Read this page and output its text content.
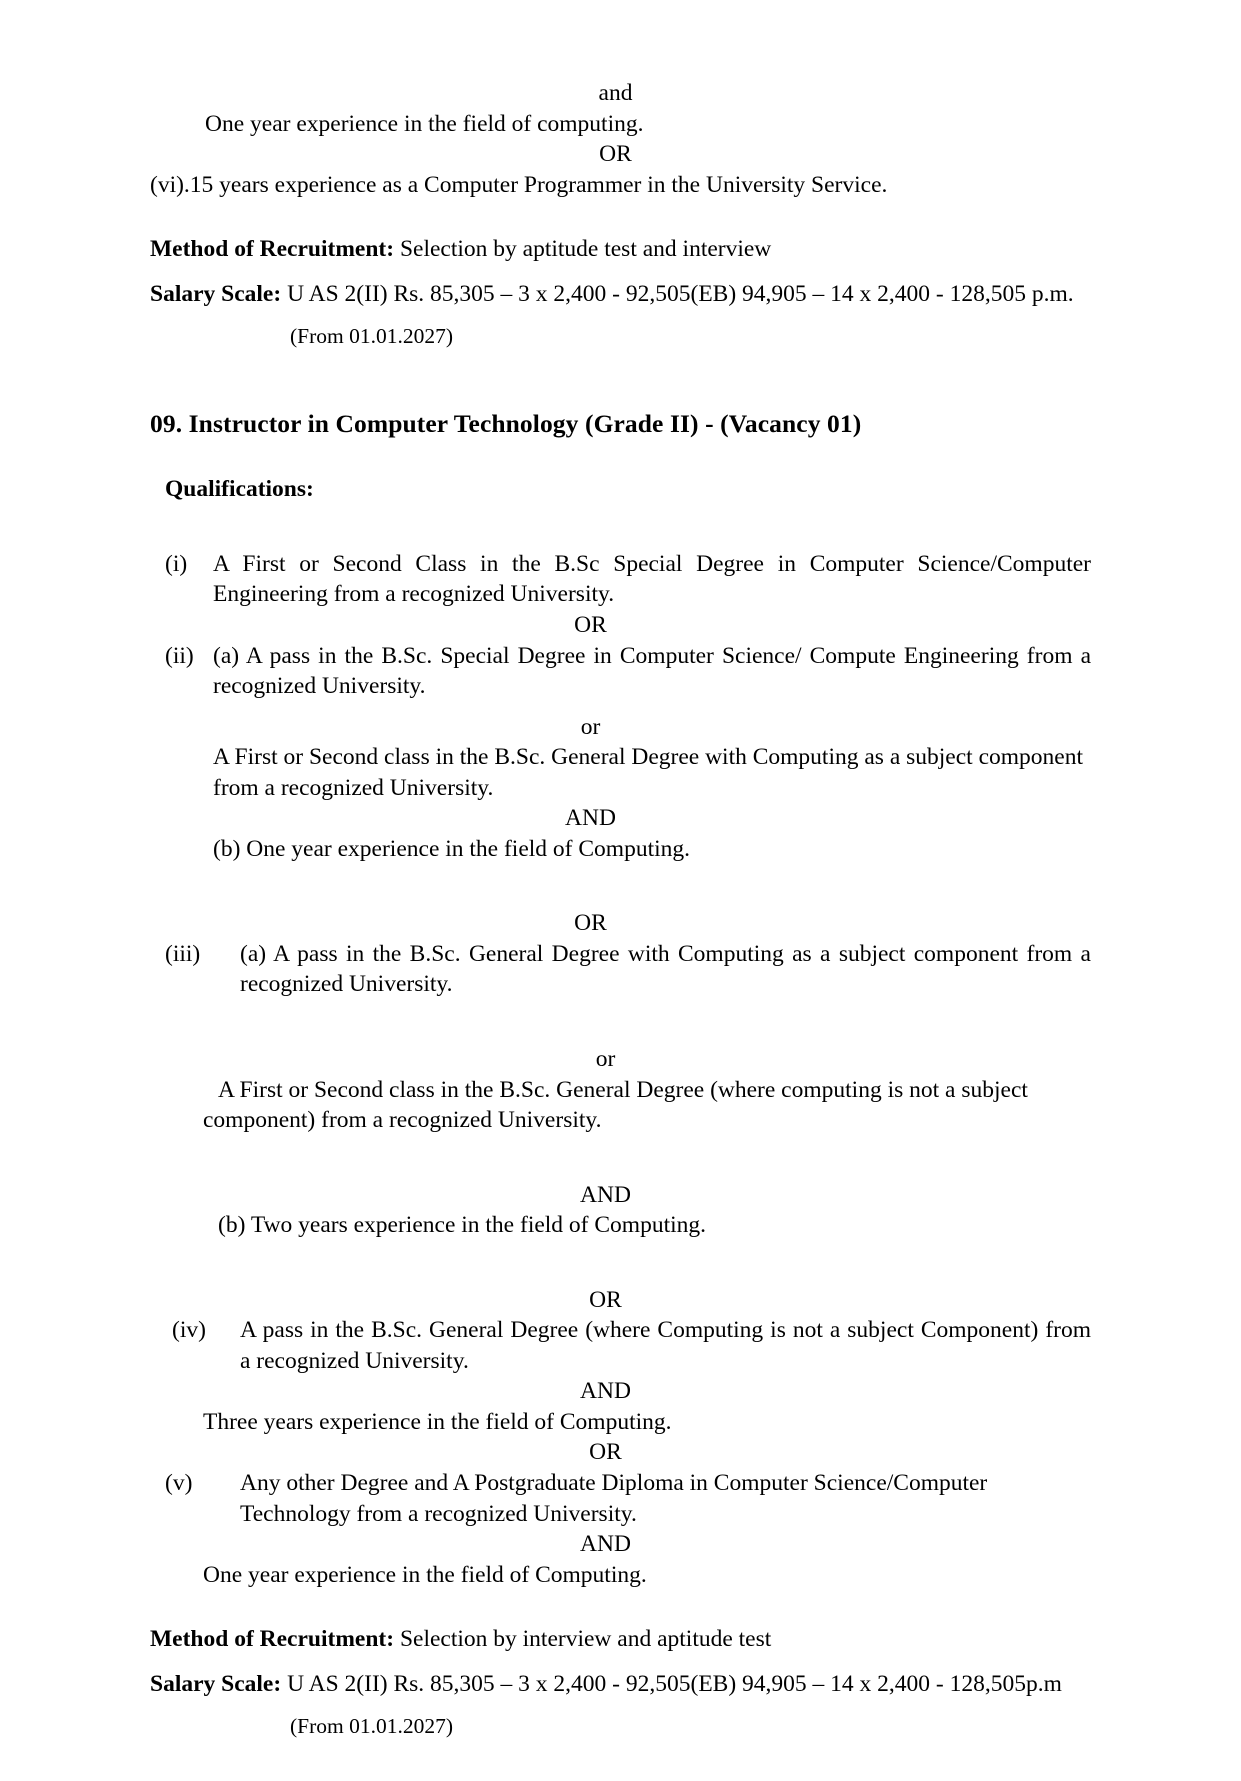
and

One year experience in the field of computing.

OR

(vi).15 years experience as a Computer Programmer in the University Service.

Method of Recruitment: Selection by aptitude test and interview

Salary Scale: U AS 2(II) Rs. 85,305 – 3 x 2,400 - 92,505(EB) 94,905 – 14 x 2,400 - 128,505 p.m.

(From 01.01.2027)

09. Instructor in Computer Technology (Grade II) - (Vacancy 01)

Qualifications:

(i)	A First or Second Class in the B.Sc Special Degree in Computer Science/Computer Engineering from a recognized University.

OR

(ii) (a) A pass in the B.Sc. Special Degree in Computer Science/ Compute Engineering from a recognized University.

or

A First or Second class in the B.Sc. General Degree with Computing as a subject component

from a recognized University.

AND

(b) One year experience in the field of Computing.

OR

(iii)	(a) A pass in the B.Sc. General Degree with Computing as a subject component from a recognized University.

or

A First or Second class in the B.Sc. General Degree (where computing is not a subject

component) from a recognized University.

AND

(b) Two years experience in the field of Computing.

OR

(iv)	A pass in the B.Sc. General Degree (where Computing is not a subject Component) from a recognized University.

AND

Three years experience in the field of Computing.

OR

(v)	Any other Degree and A Postgraduate Diploma in Computer Science/Computer Technology from a recognized University.

AND

One year experience in the field of Computing.

Method of Recruitment: Selection by interview and aptitude test

Salary Scale: U AS 2(II) Rs. 85,305 – 3 x 2,400 - 92,505(EB) 94,905 – 14 x 2,400 - 128,505p.m

(From 01.01.2027)
